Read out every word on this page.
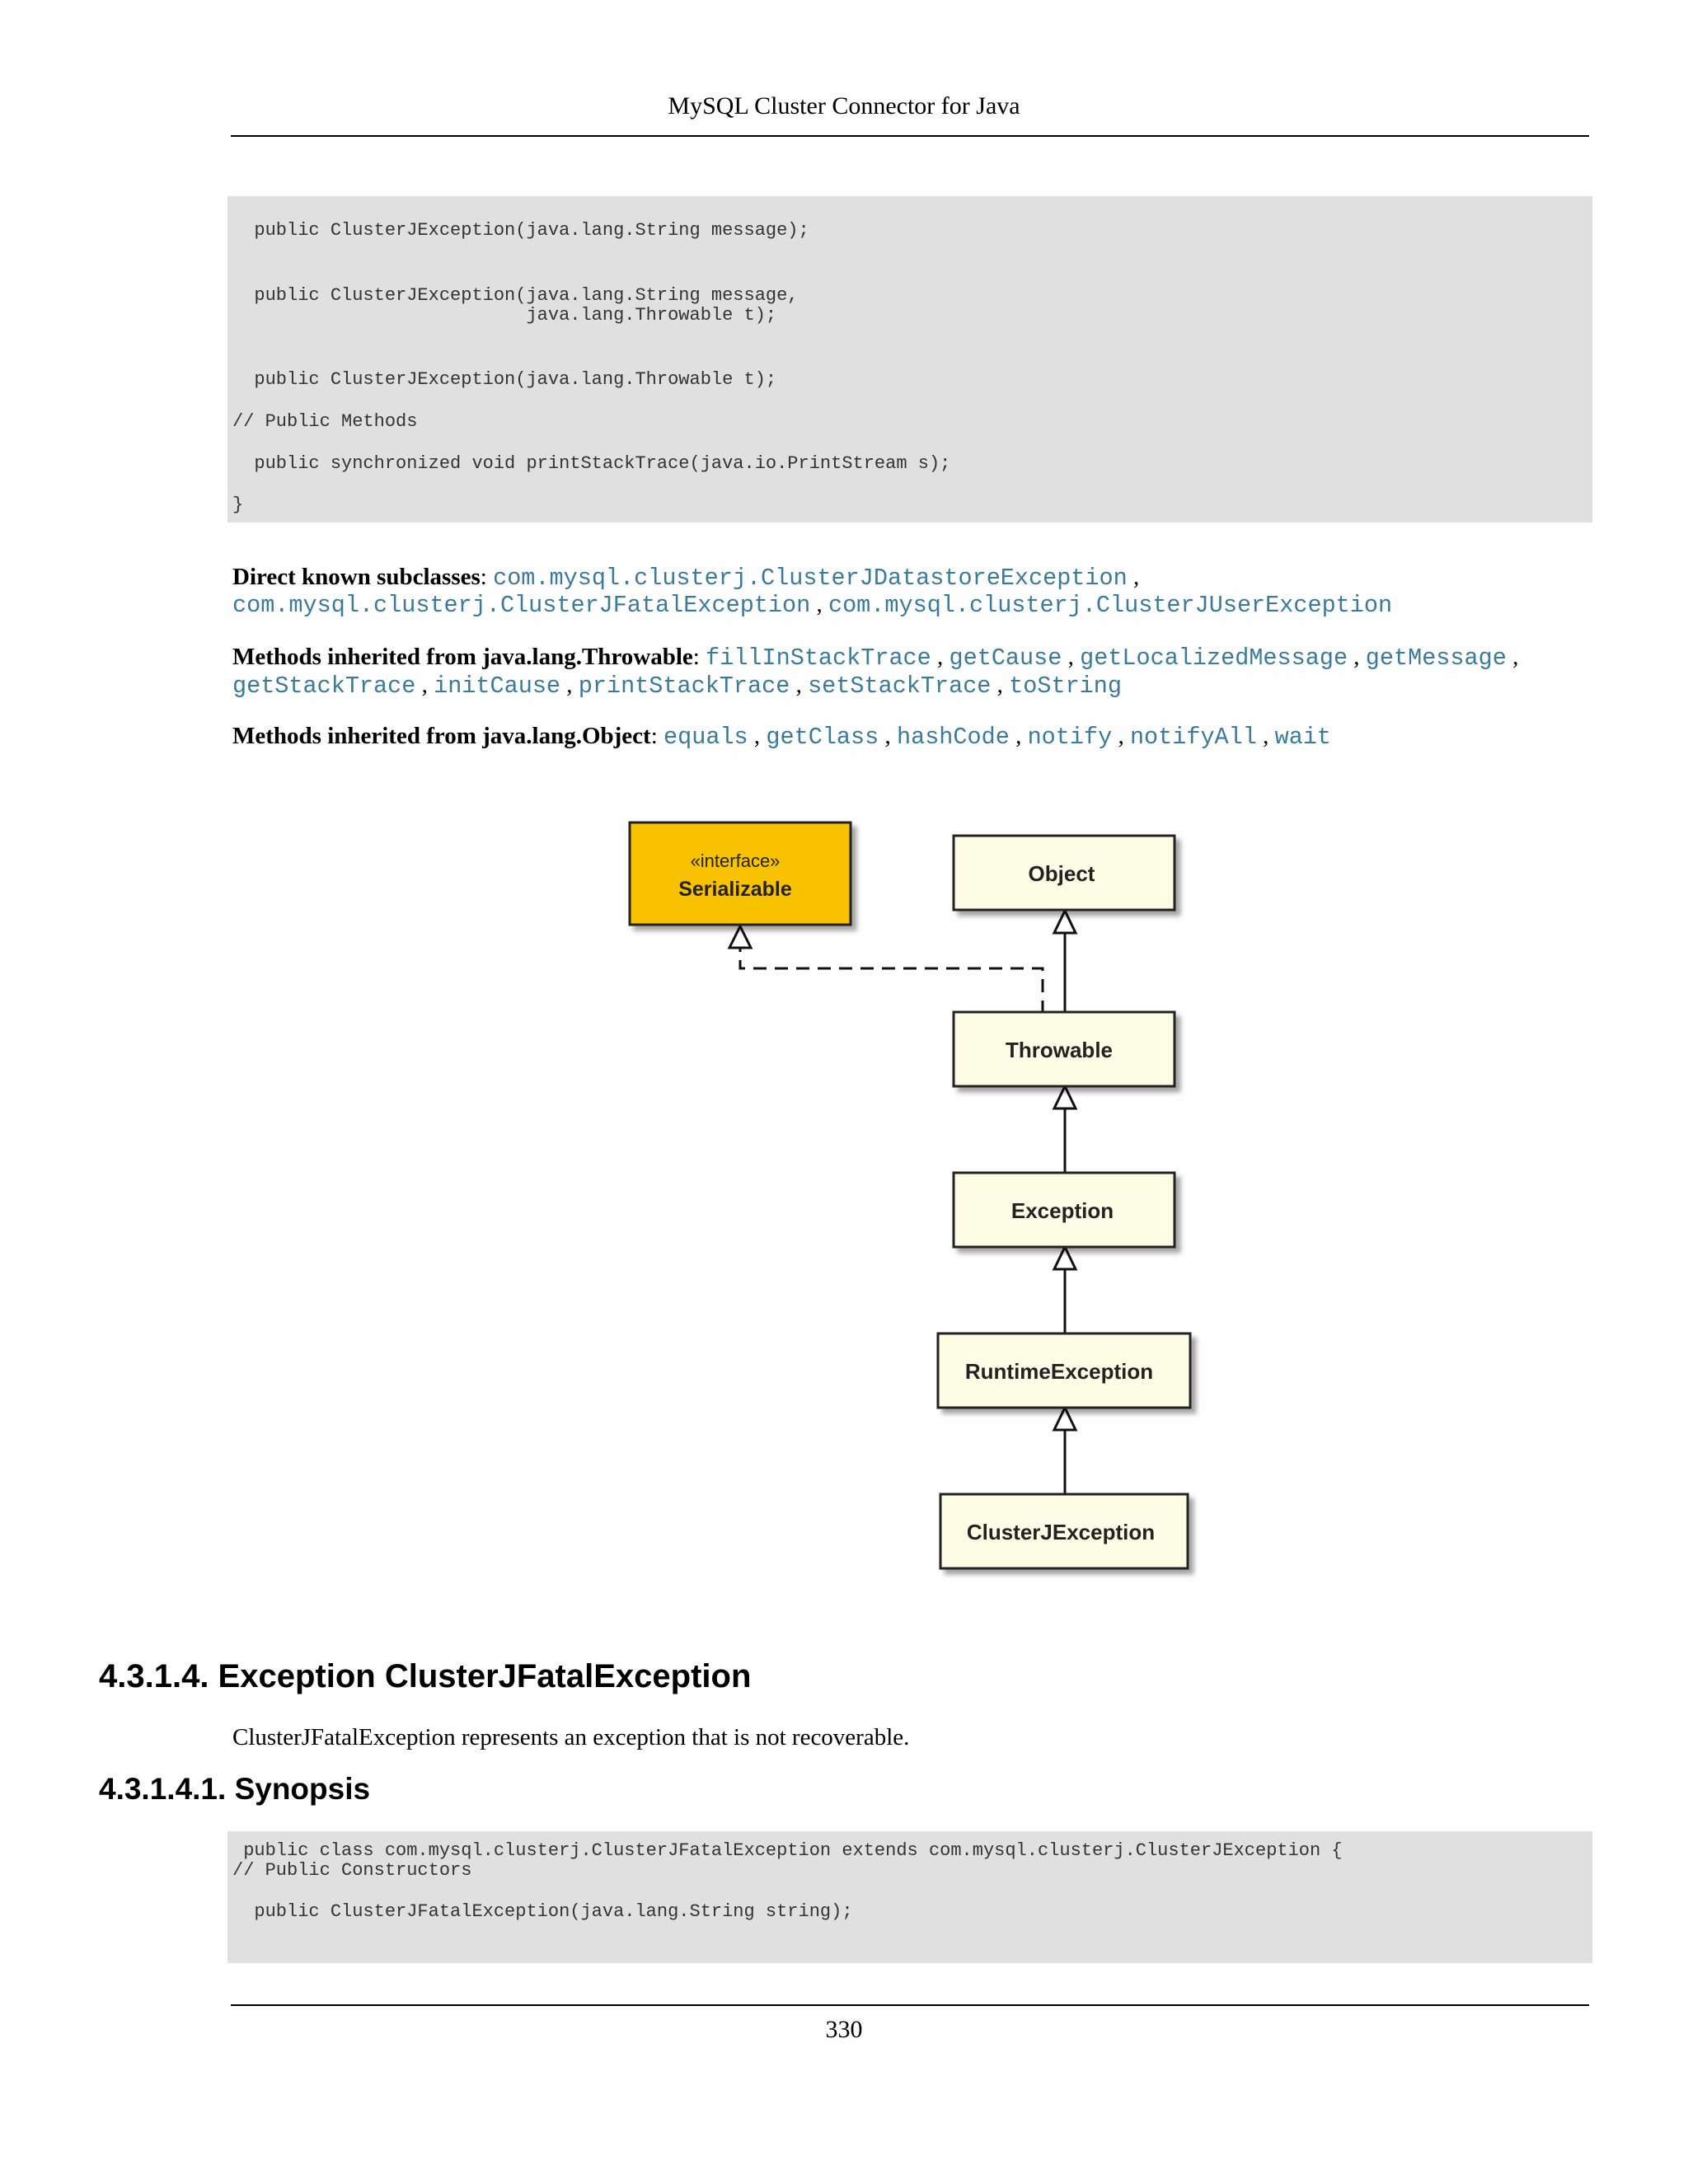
MySQL Cluster Connector for Java

public ClusterJException(java.lang.String message);

public ClusterJException(java.lang.String message,

java.lang.Throwable t);

public ClusterJException(java.lang.Throwable t);

// Public Methods

public synchronized void printStackTrace(java.io.PrintStream s);

}

Direct known subclasses: com.mysql.clusterj.ClusterJDatastoreException ,
com.mysql.clusterj.ClusterJFatalException , com.mysql.clusterj.ClusterJUserException
Methods inherited from java.lang.Throwable: fillInStackTrace , getCause , getLocalizedMessage , getMessage ,
getStackTrace , initCause , printStackTrace , setStackTrace , toString
Methods inherited from java.lang.Object: equals , getClass , hashCode , notify , notifyAll , wait
«interface»
Serializable
Object
Throwable
Exception
RuntimeException
ClusterJException
4.3.1.4. Exception ClusterJFatalException
ClusterJFatalException represents an exception that is not recoverable.
4.3.1.4.1. Synopsis

public class com.mysql.clusterj.ClusterJFatalException extends com.mysql.clusterj.ClusterJException {

// Public Constructors

public ClusterJFatalException(java.lang.String string);

330
